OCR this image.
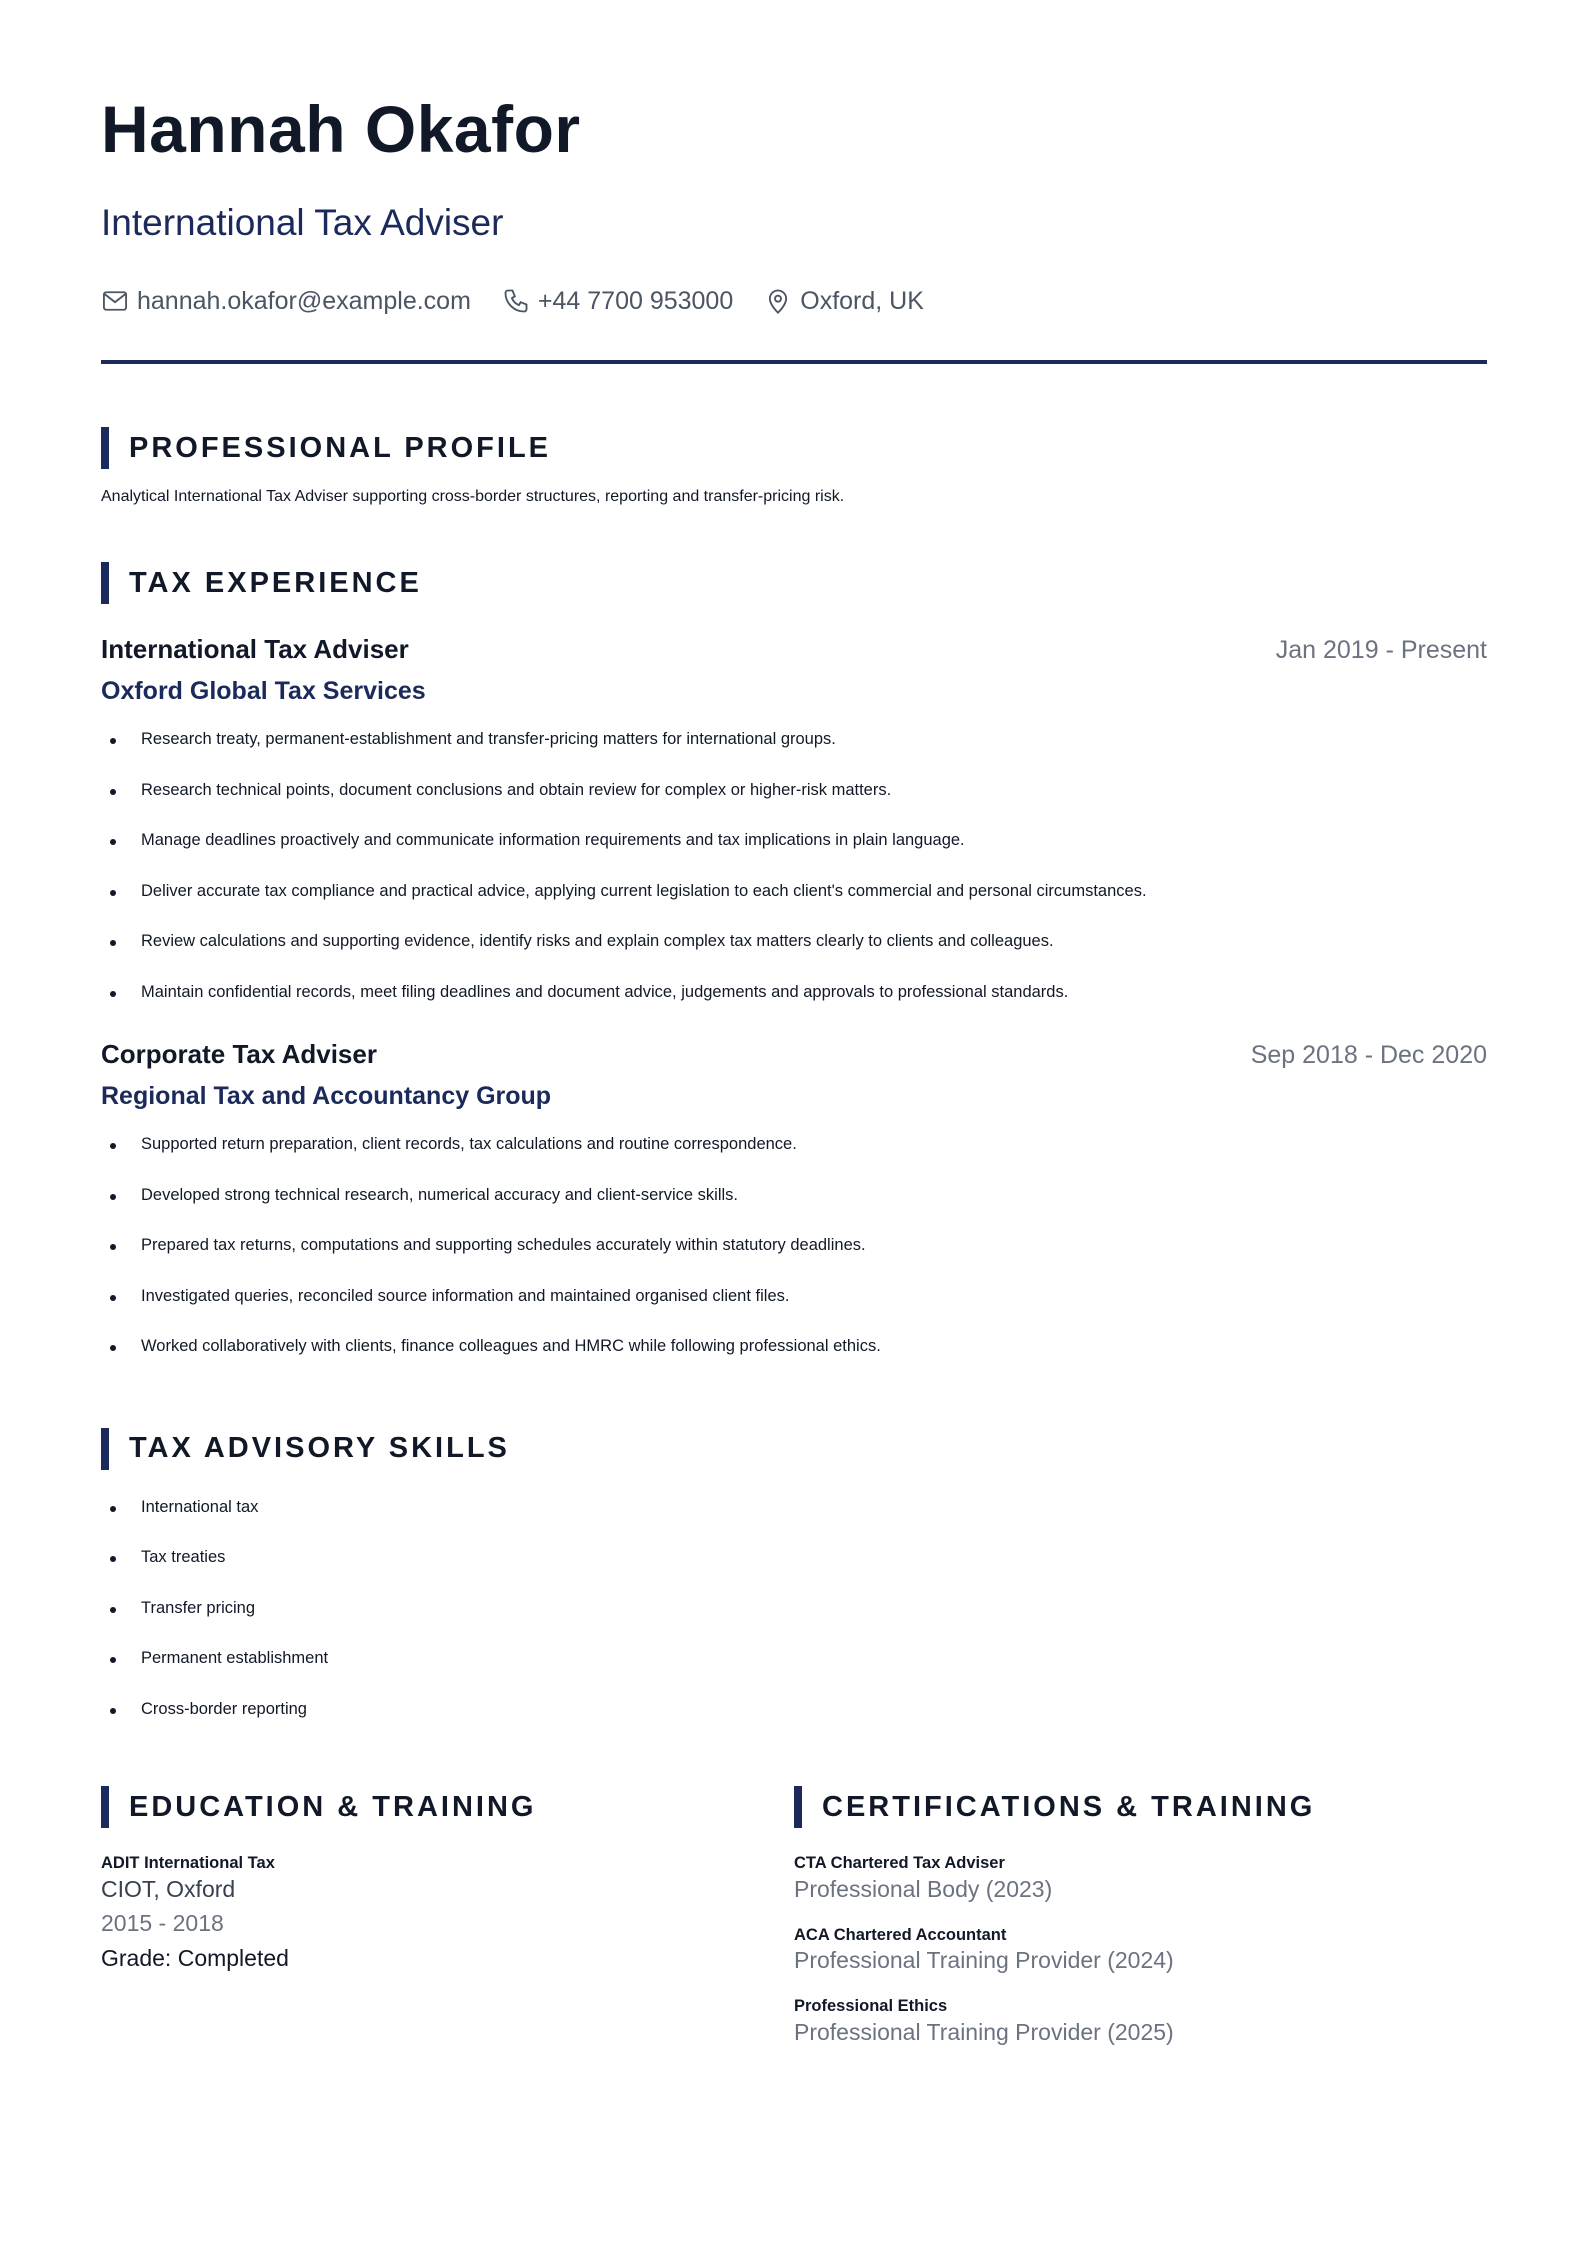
Hannah Okafor
International Tax Adviser
hannah.okafor@example.com	+44 7700 953000	Oxford, UK
PROFESSIONAL PROFILE
Analytical International Tax Adviser supporting cross-border structures, reporting and transfer-pricing risk.
TAX EXPERIENCE
International Tax Adviser	Jan 2019 - Present
Oxford Global Tax Services
Research treaty, permanent-establishment and transfer-pricing matters for international groups.
Research technical points, document conclusions and obtain review for complex or higher-risk matters.
Manage deadlines proactively and communicate information requirements and tax implications in plain language.
Deliver accurate tax compliance and practical advice, applying current legislation to each client's commercial and personal circumstances.
Review calculations and supporting evidence, identify risks and explain complex tax matters clearly to clients and colleagues.
Maintain confidential records, meet filing deadlines and document advice, judgements and approvals to professional standards.
Corporate Tax Adviser	Sep 2018 - Dec 2020
Regional Tax and Accountancy Group
Supported return preparation, client records, tax calculations and routine correspondence.
Developed strong technical research, numerical accuracy and client-service skills.
Prepared tax returns, computations and supporting schedules accurately within statutory deadlines.
Investigated queries, reconciled source information and maintained organised client files.
Worked collaboratively with clients, finance colleagues and HMRC while following professional ethics.
TAX ADVISORY SKILLS
International tax
Tax treaties
Transfer pricing
Permanent establishment
Cross-border reporting
EDUCATION & TRAINING
ADIT International Tax
CIOT, Oxford
2015 - 2018
Grade: Completed
CERTIFICATIONS & TRAINING
CTA Chartered Tax Adviser
Professional Body (2023)
ACA Chartered Accountant
Professional Training Provider (2024)
Professional Ethics
Professional Training Provider (2025)
